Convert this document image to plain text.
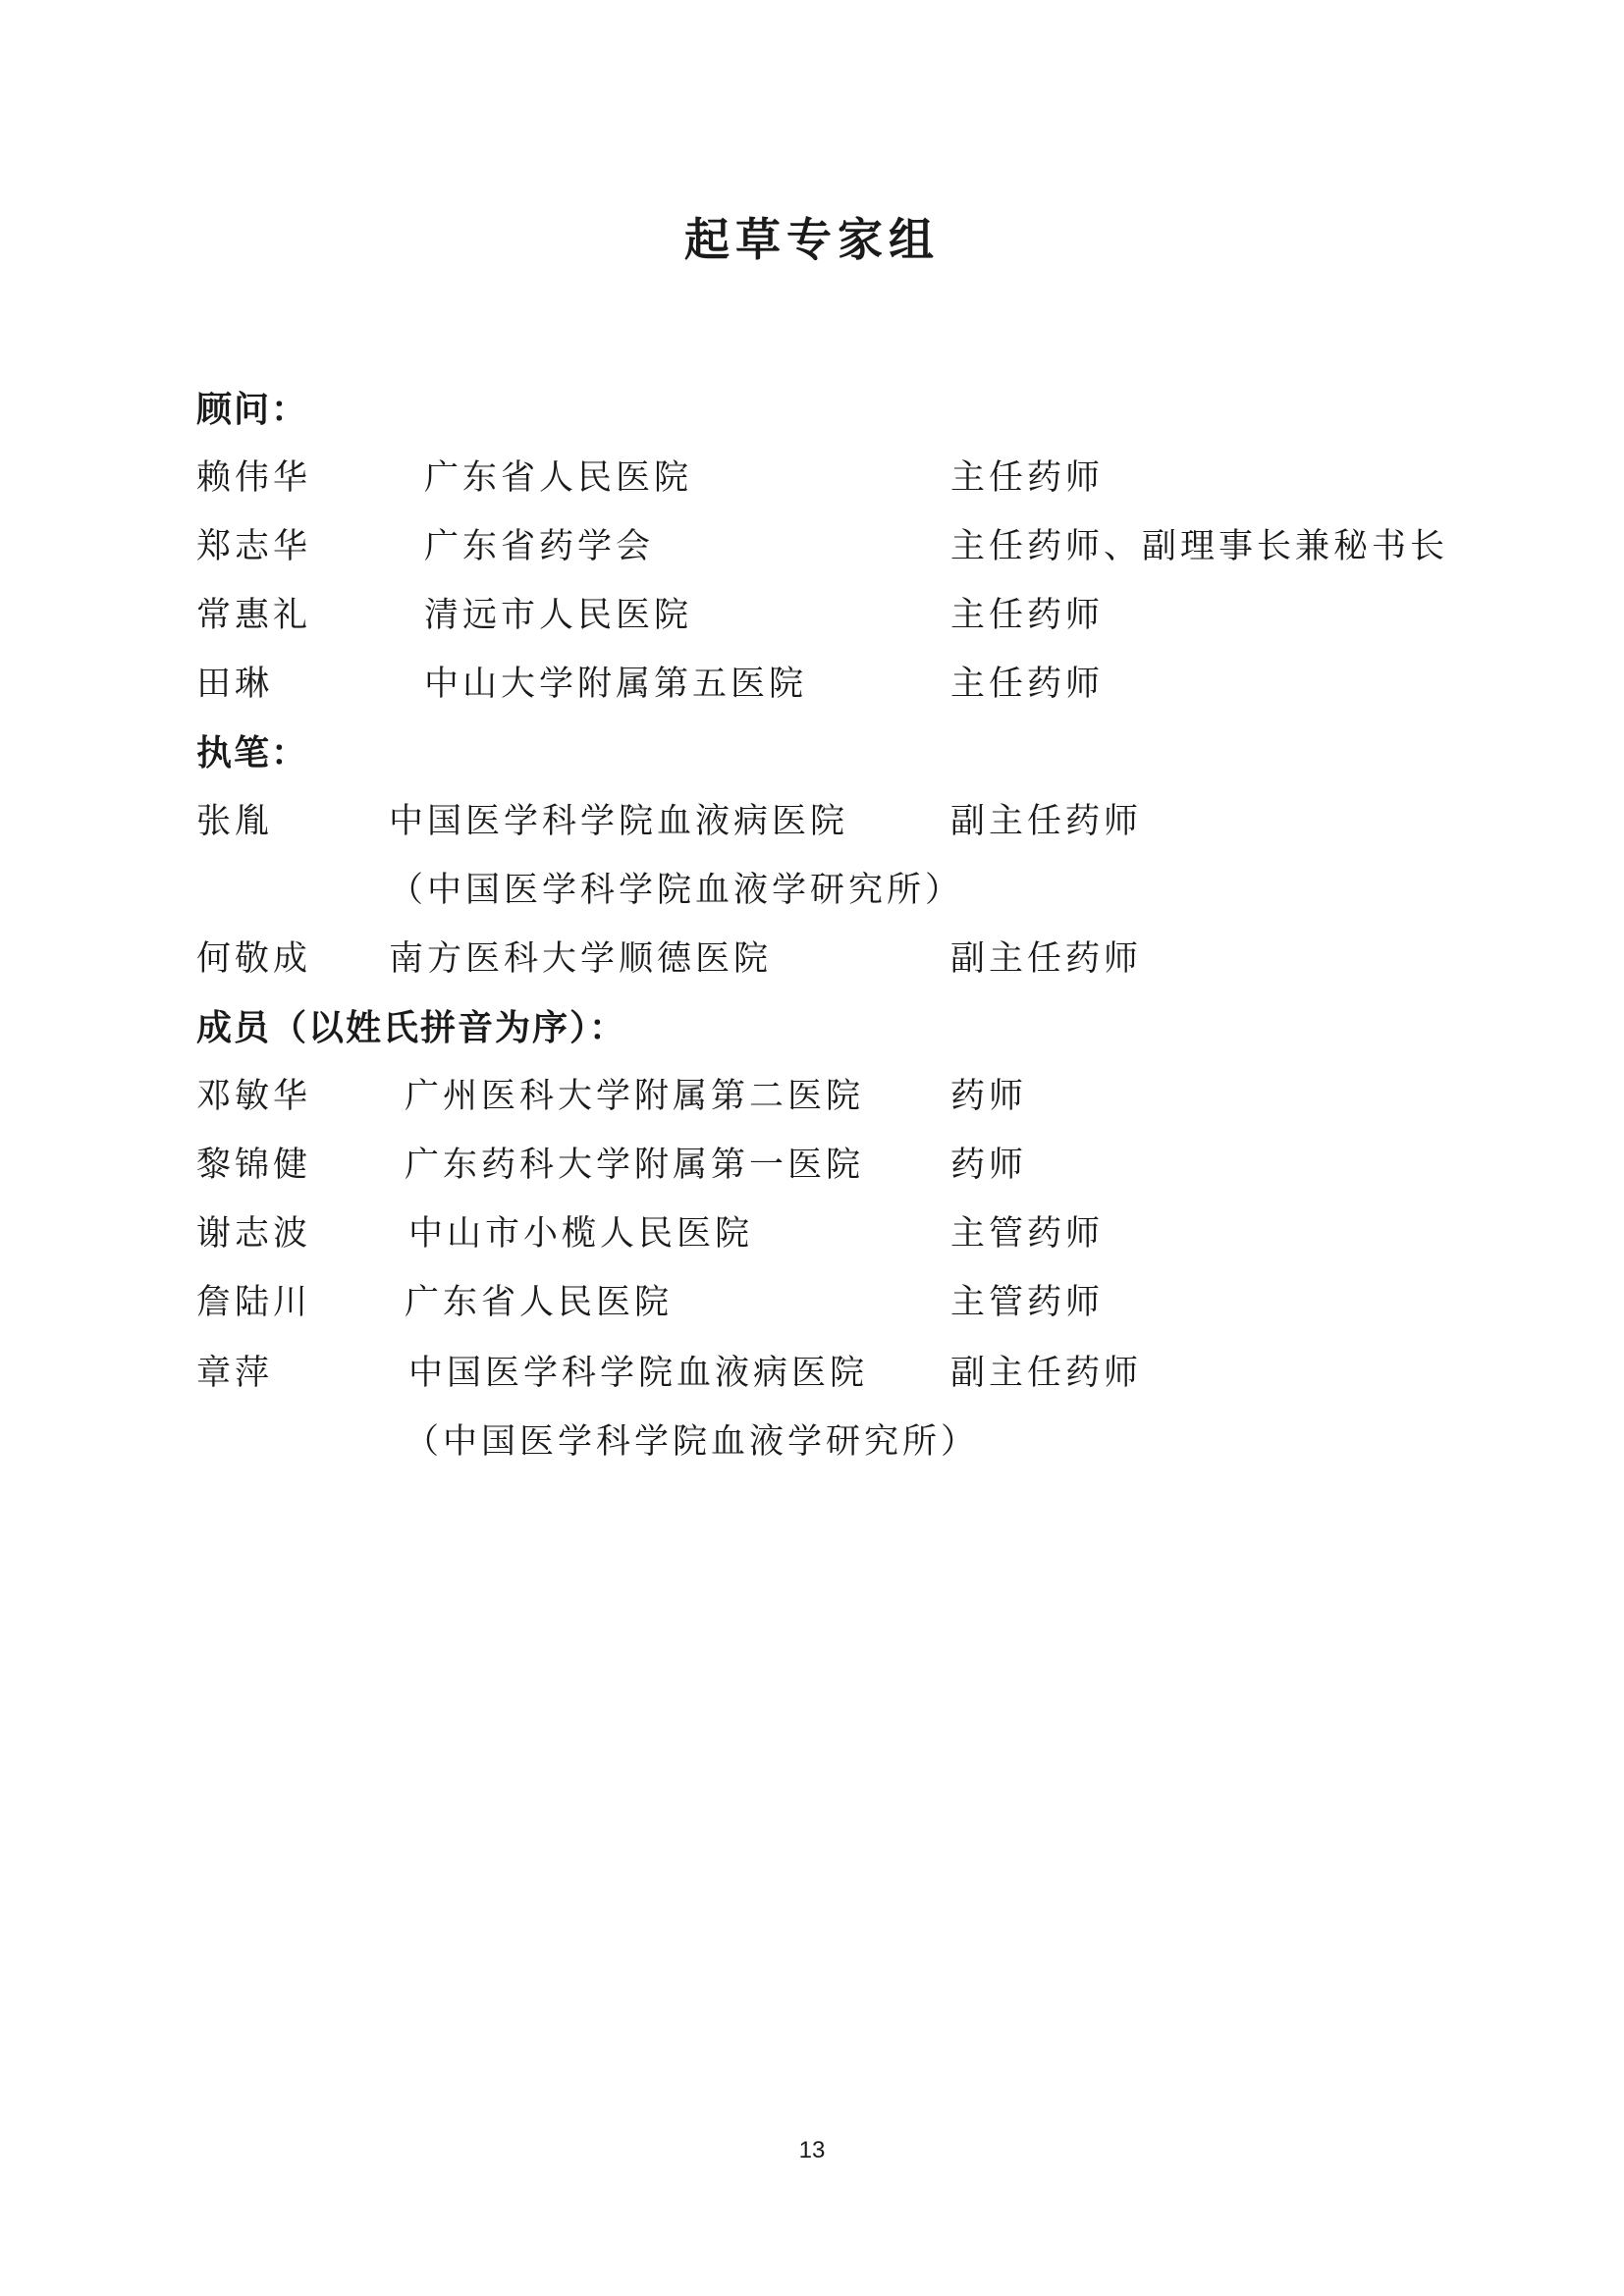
起草专家组
顾问：
赖伟华	广东省人民医院	主任药师
郑志华	广东省药学会	主任药师、副理事长兼秘书长
常惠礼	清远市人民医院	主任药师
田琳	中山大学附属第五医院	主任药师
执笔：
张胤	中国医学科学院血液病医院	副主任药师
（中国医学科学院血液学研究所）
何敬成 南方医科大学顺德医院	副主任药师
成员（以姓氏拼音为序）：
邓敏华	广州医科大学附属第二医院	药师
黎锦健	广东药科大学附属第一医院	药师
谢志波	中山市小榄人民医院	主管药师
詹陆川	广东省人民医院	主管药师
章萍	中国医学科学院血液病医院 副主任药师
（中国医学科学院血液学研究所）
13
